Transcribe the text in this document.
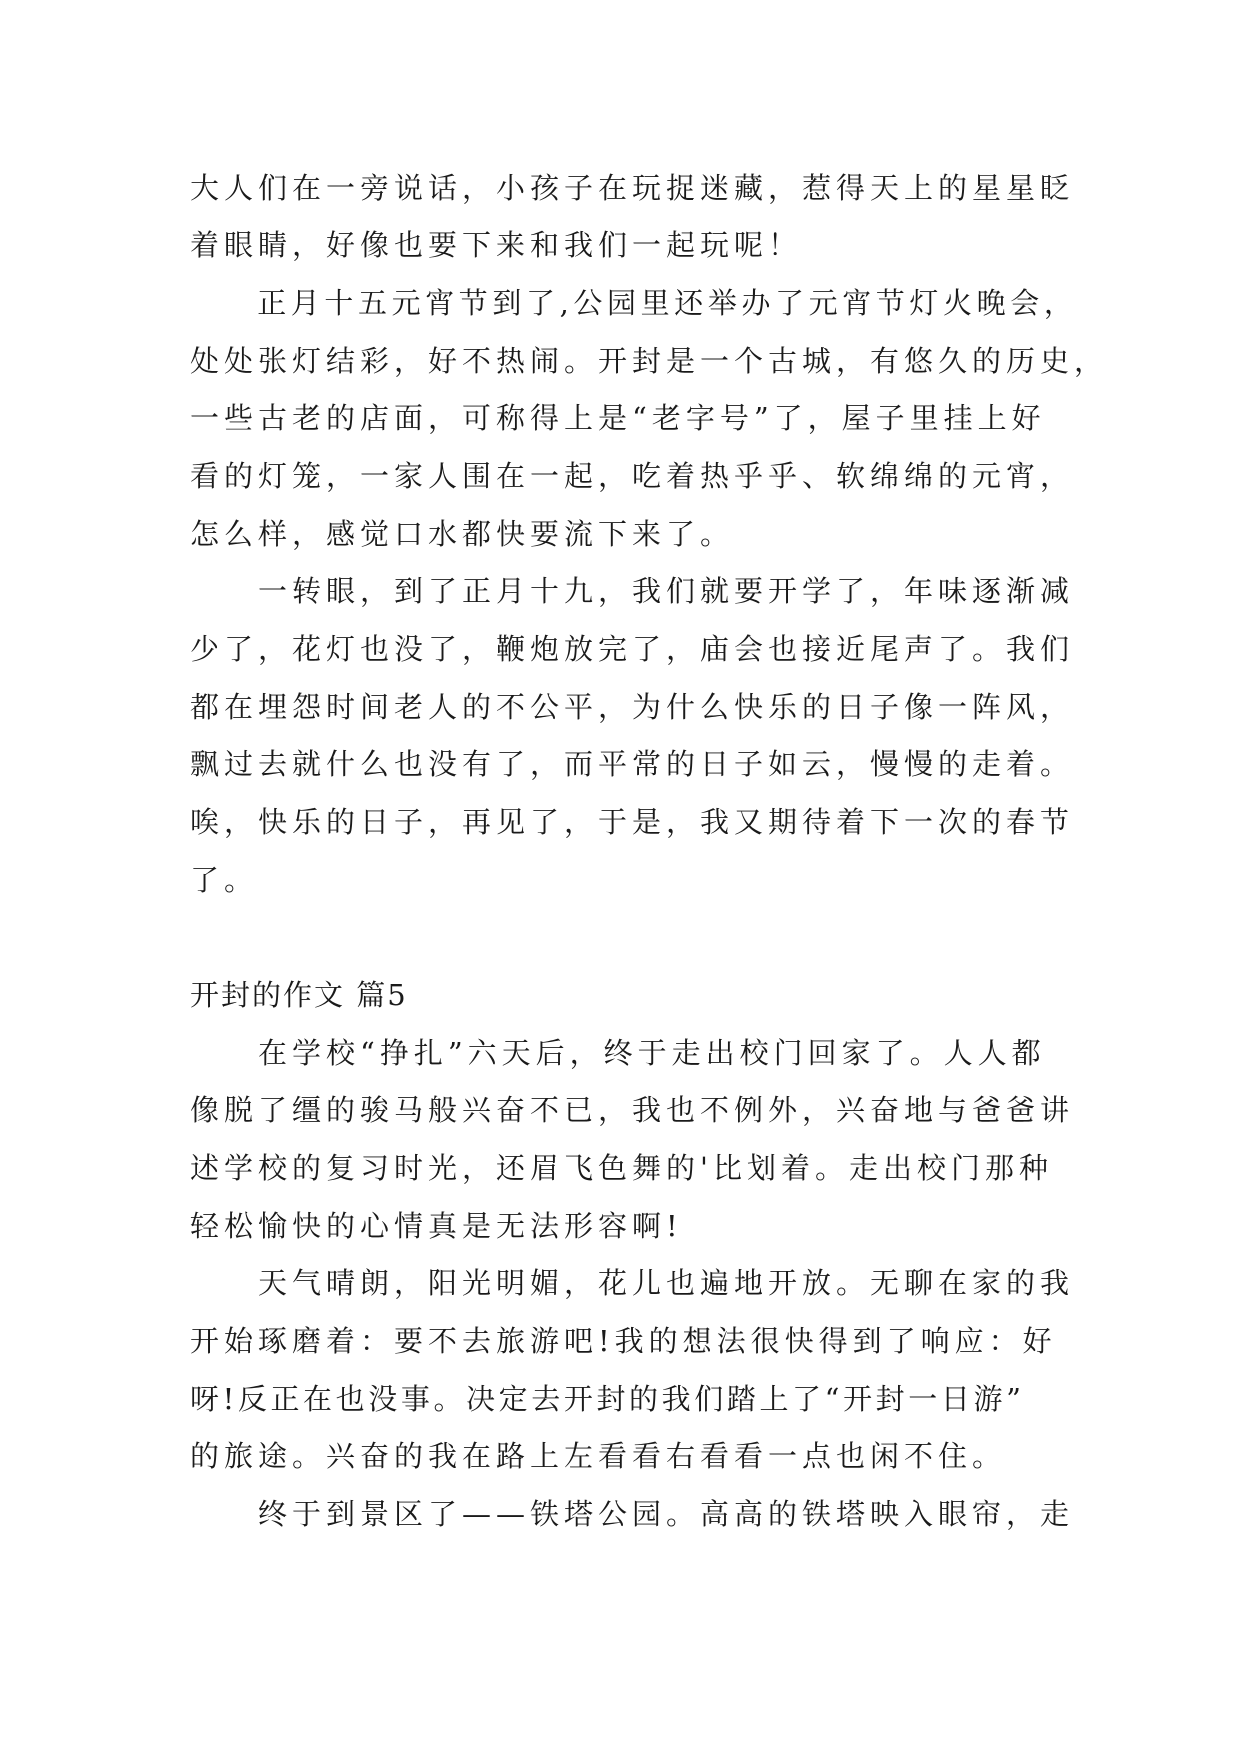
大人们在一旁说话，小孩子在玩捉迷藏，惹得天上的星星眨
着眼睛，好像也要下来和我们一起玩呢！
　　正月十五元宵节到了,公园里还举办了元宵节灯火晚会，
处处张灯结彩，好不热闹。开封是一个古城，有悠久的历史，
一些古老的店面，可称得上是“老字号”了，屋子里挂上好
看的灯笼，一家人围在一起，吃着热乎乎、软绵绵的元宵，
怎么样，感觉口水都快要流下来了。
　　一转眼，到了正月十九，我们就要开学了，年味逐渐减
少了，花灯也没了，鞭炮放完了，庙会也接近尾声了。我们
都在埋怨时间老人的不公平，为什么快乐的日子像一阵风，
飘过去就什么也没有了，而平常的日子如云，慢慢的走着。
唉，快乐的日子，再见了，于是，我又期待着下一次的春节
了。
开封的作文 篇5
　　在学校“挣扎”六天后，终于走出校门回家了。人人都
像脱了缰的骏马般兴奋不已，我也不例外，兴奋地与爸爸讲
述学校的复习时光，还眉飞色舞的'比划着。走出校门那种
轻松愉快的心情真是无法形容啊!
　　天气晴朗，阳光明媚，花儿也遍地开放。无聊在家的我
开始琢磨着：要不去旅游吧!我的想法很快得到了响应：好
呀!反正在也没事。决定去开封的我们踏上了“开封一日游”
的旅途。兴奋的我在路上左看看右看看一点也闲不住。
　　终于到景区了——铁塔公园。高高的铁塔映入眼帘，走
